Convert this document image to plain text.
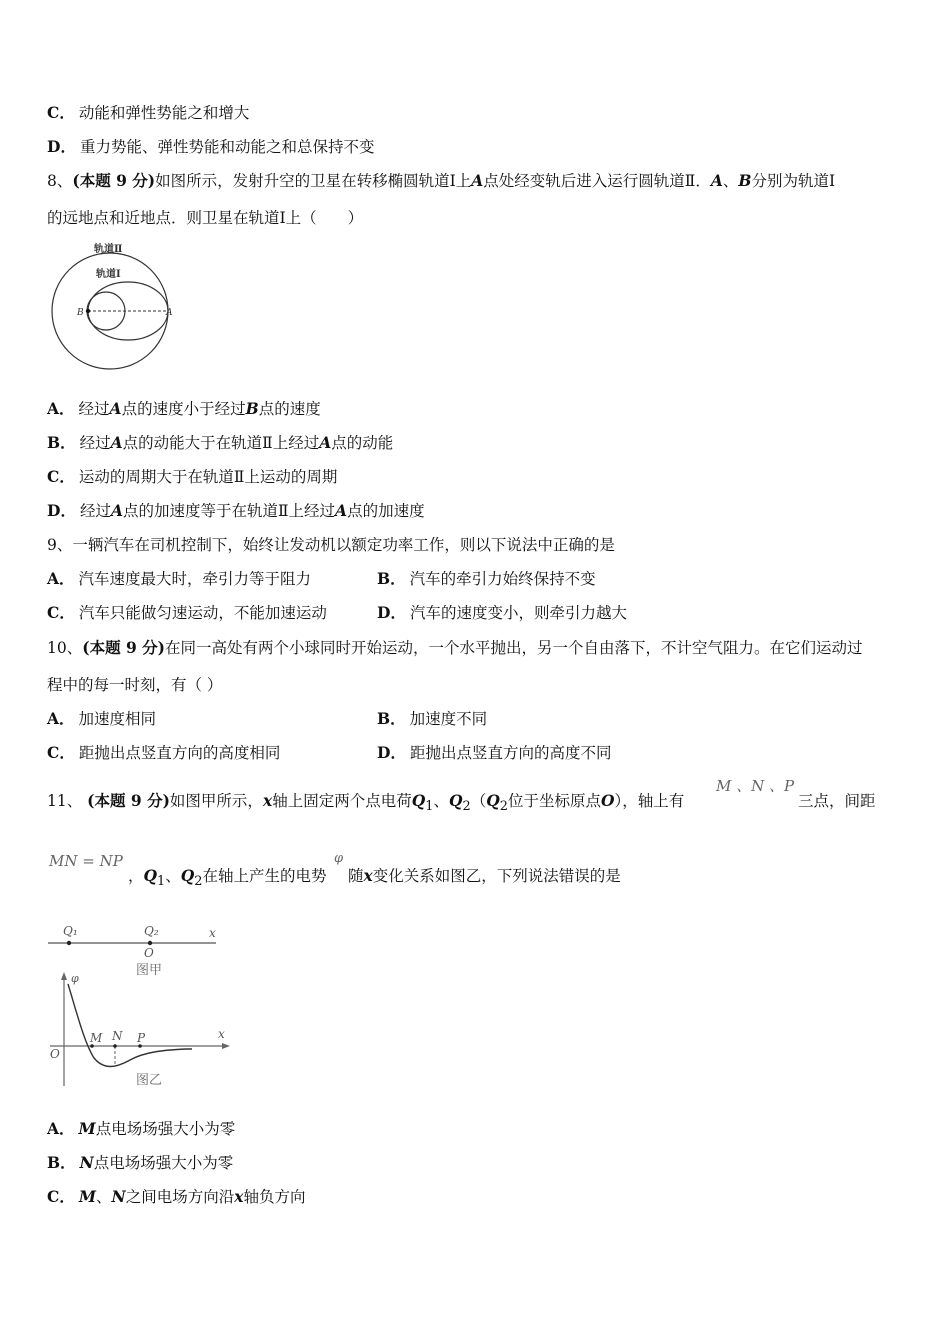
C． 动能和弹性势能之和增大
D． 重力势能、弹性势能和动能之和总保持不变
8、(本题 9 分)如图所示，发射升空的卫星在转移椭圆轨道Ⅰ上A点处经变轨后进入运行圆轨道Ⅱ．A、B分别为轨道Ⅰ
的远地点和近地点．则卫星在轨道Ⅰ上（　　）
轨道Ⅱ
轨道Ⅰ
B	A
A． 经过A点的速度小于经过B点的速度
B． 经过A点的动能大于在轨道Ⅱ上经过A点的动能
C． 运动的周期大于在轨道Ⅱ上运动的周期
D． 经过A点的加速度等于在轨道Ⅱ上经过A点的加速度
9、一辆汽车在司机控制下，始终让发动机以额定功率工作，则以下说法中正确的是
A． 汽车速度最大时，牵引力等于阻力	B． 汽车的牵引力始终保持不变
C． 汽车只能做匀速运动，不能加速运动	D． 汽车的速度变小，则牵引力越大
10、(本题 9 分)在同一高处有两个小球同时开始运动，一个水平抛出，另一个自由落下，不计空气阻力。在它们运动过
程中的每一时刻，有（ ）
A． 加速度相同	B． 加速度不同
C． 距抛出点竖直方向的高度相同	D． 距抛出点竖直方向的高度不同
11、 (本题 9 分)如图甲所示，x轴上固定两个点电荷$Q_1$、$Q_2(Q_2$位于坐标原点O），轴上有
M 、N 、P
三点，间距
MN = NP	φ
，$Q_1$、$Q_2$在轴上产生的电势 随x变化关系如图乙，下列说法错误的是
Q₁	Q₂	x
O
图甲
φ
x
O
M N P
图乙
A． M点电场场强大小为零
B． N点电场场强大小为零
C． M、N之间电场方向沿x轴负方向
